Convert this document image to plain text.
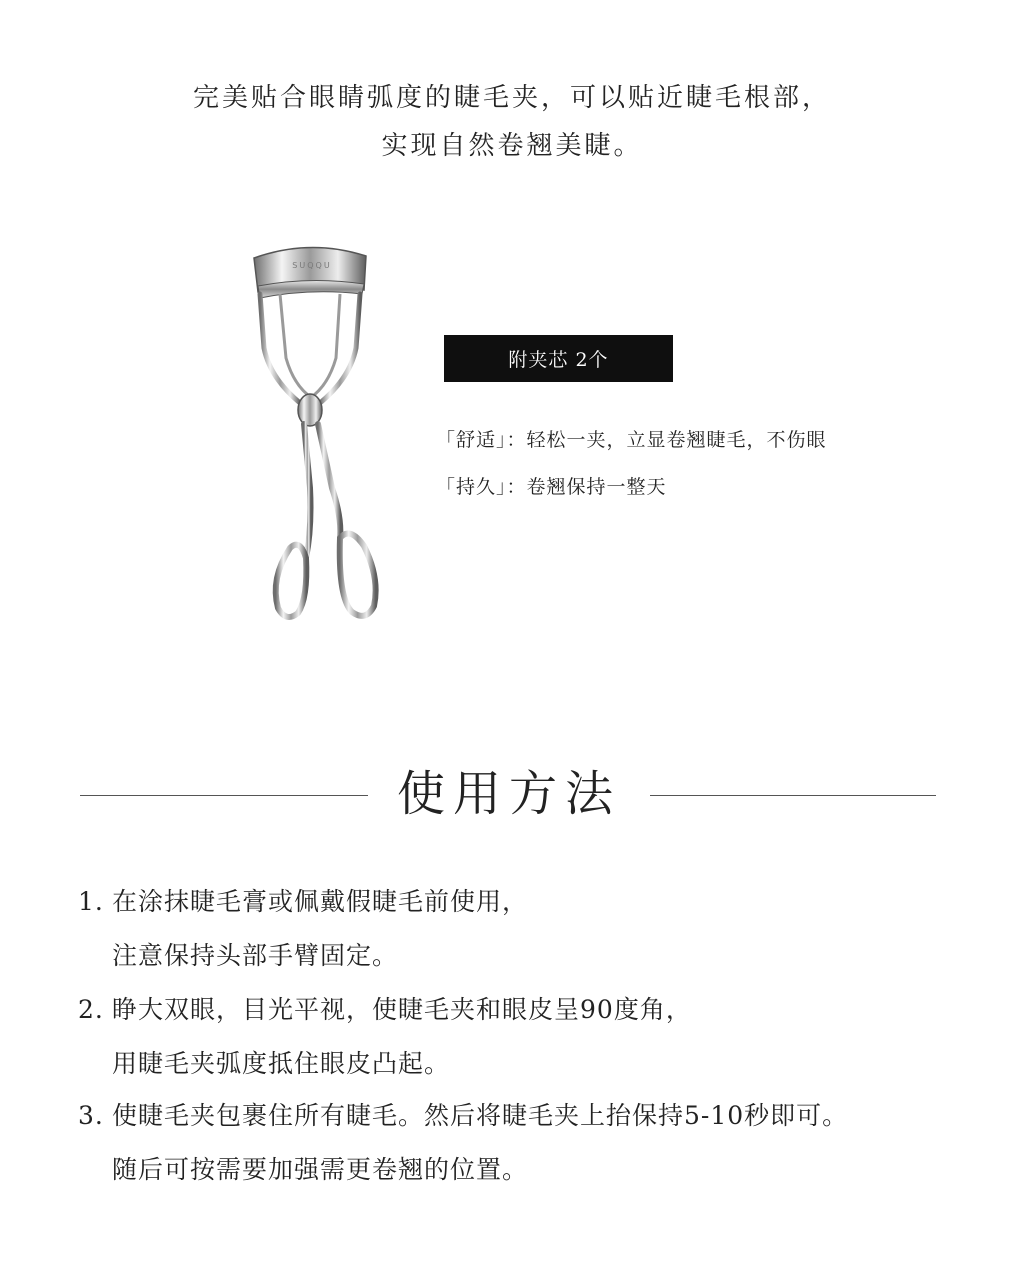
完美贴合眼睛弧度的睫毛夹，可以贴近睫毛根部，
实现自然卷翘美睫。
SUQQU
附夹芯 2个
「舒适」：轻松一夹，立显卷翘睫毛，不伤眼
「持久」：卷翘保持一整天
使用方法
1. 在涂抹睫毛膏或佩戴假睫毛前使用，
注意保持头部手臂固定。
2. 睁大双眼，目光平视，使睫毛夹和眼皮呈90度角，
用睫毛夹弧度抵住眼皮凸起。
3. 使睫毛夹包裹住所有睫毛。然后将睫毛夹上抬保持5-10秒即可。
随后可按需要加强需更卷翘的位置。
